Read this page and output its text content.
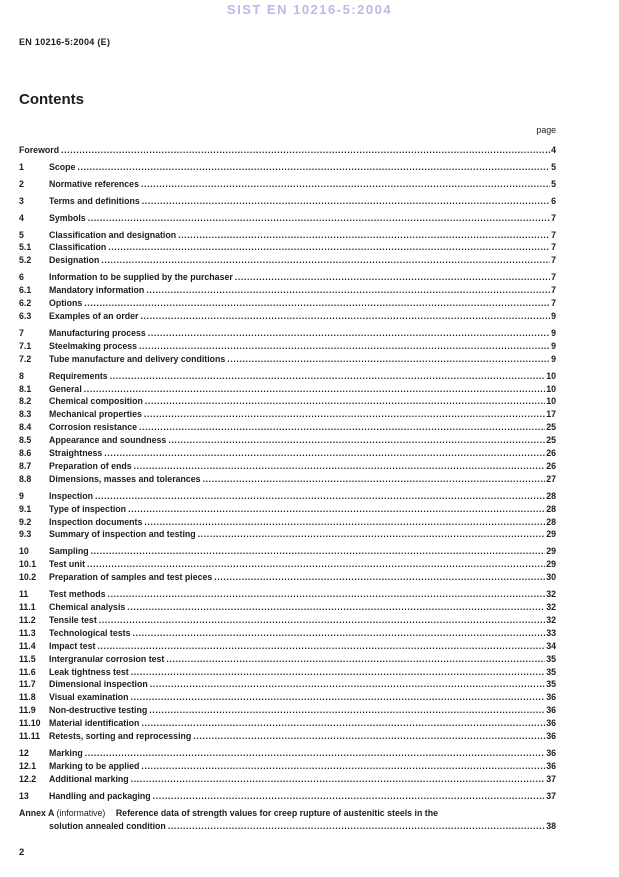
SIST EN 10216-5:2004
EN 10216-5:2004 (E)
Contents
page
Foreword .....	4
1	Scope .....	5
2	Normative references .....	5
3	Terms and definitions .....	6
4	Symbols .....	7
5	Classification and designation .....	7
5.1	Classification .....	7
5.2	Designation .....	7
6	Information to be supplied by the purchaser .....	7
6.1	Mandatory information .....	7
6.2	Options .....	7
6.3	Examples of an order .....	9
7	Manufacturing process .....	9
7.1	Steelmaking process .....	9
7.2	Tube manufacture and delivery conditions .....	9
8	Requirements .....	10
8.1	General .....	10
8.2	Chemical composition .....	10
8.3	Mechanical properties .....	17
8.4	Corrosion resistance .....	25
8.5	Appearance and soundness .....	25
8.6	Straightness .....	26
8.7	Preparation of ends .....	26
8.8	Dimensions, masses and tolerances .....	27
9	Inspection .....	28
9.1	Type of inspection .....	28
9.2	Inspection documents .....	28
9.3	Summary of inspection and testing .....	29
10	Sampling .....	29
10.1	Test unit .....	29
10.2	Preparation of samples and test pieces .....	30
11	Test methods .....	32
11.1	Chemical analysis .....	32
11.2	Tensile test .....	32
11.3	Technological tests .....	33
11.4	Impact test .....	34
11.5	Intergranular corrosion test .....	35
11.6	Leak tightness test .....	35
11.7	Dimensional inspection .....	35
11.8	Visual examination .....	36
11.9	Non-destructive testing .....	36
11.10 Material identification .....	36
11.11	Retests, sorting and reprocessing .....	36
12	Marking .....	36
12.1	Marking to be applied .....	36
12.2	Additional marking .....	37
13	Handling and packaging .....	37
Annex A (informative) Reference data of strength values for creep rupture of austenitic steels in the
solution annealed condition .....	38
2
